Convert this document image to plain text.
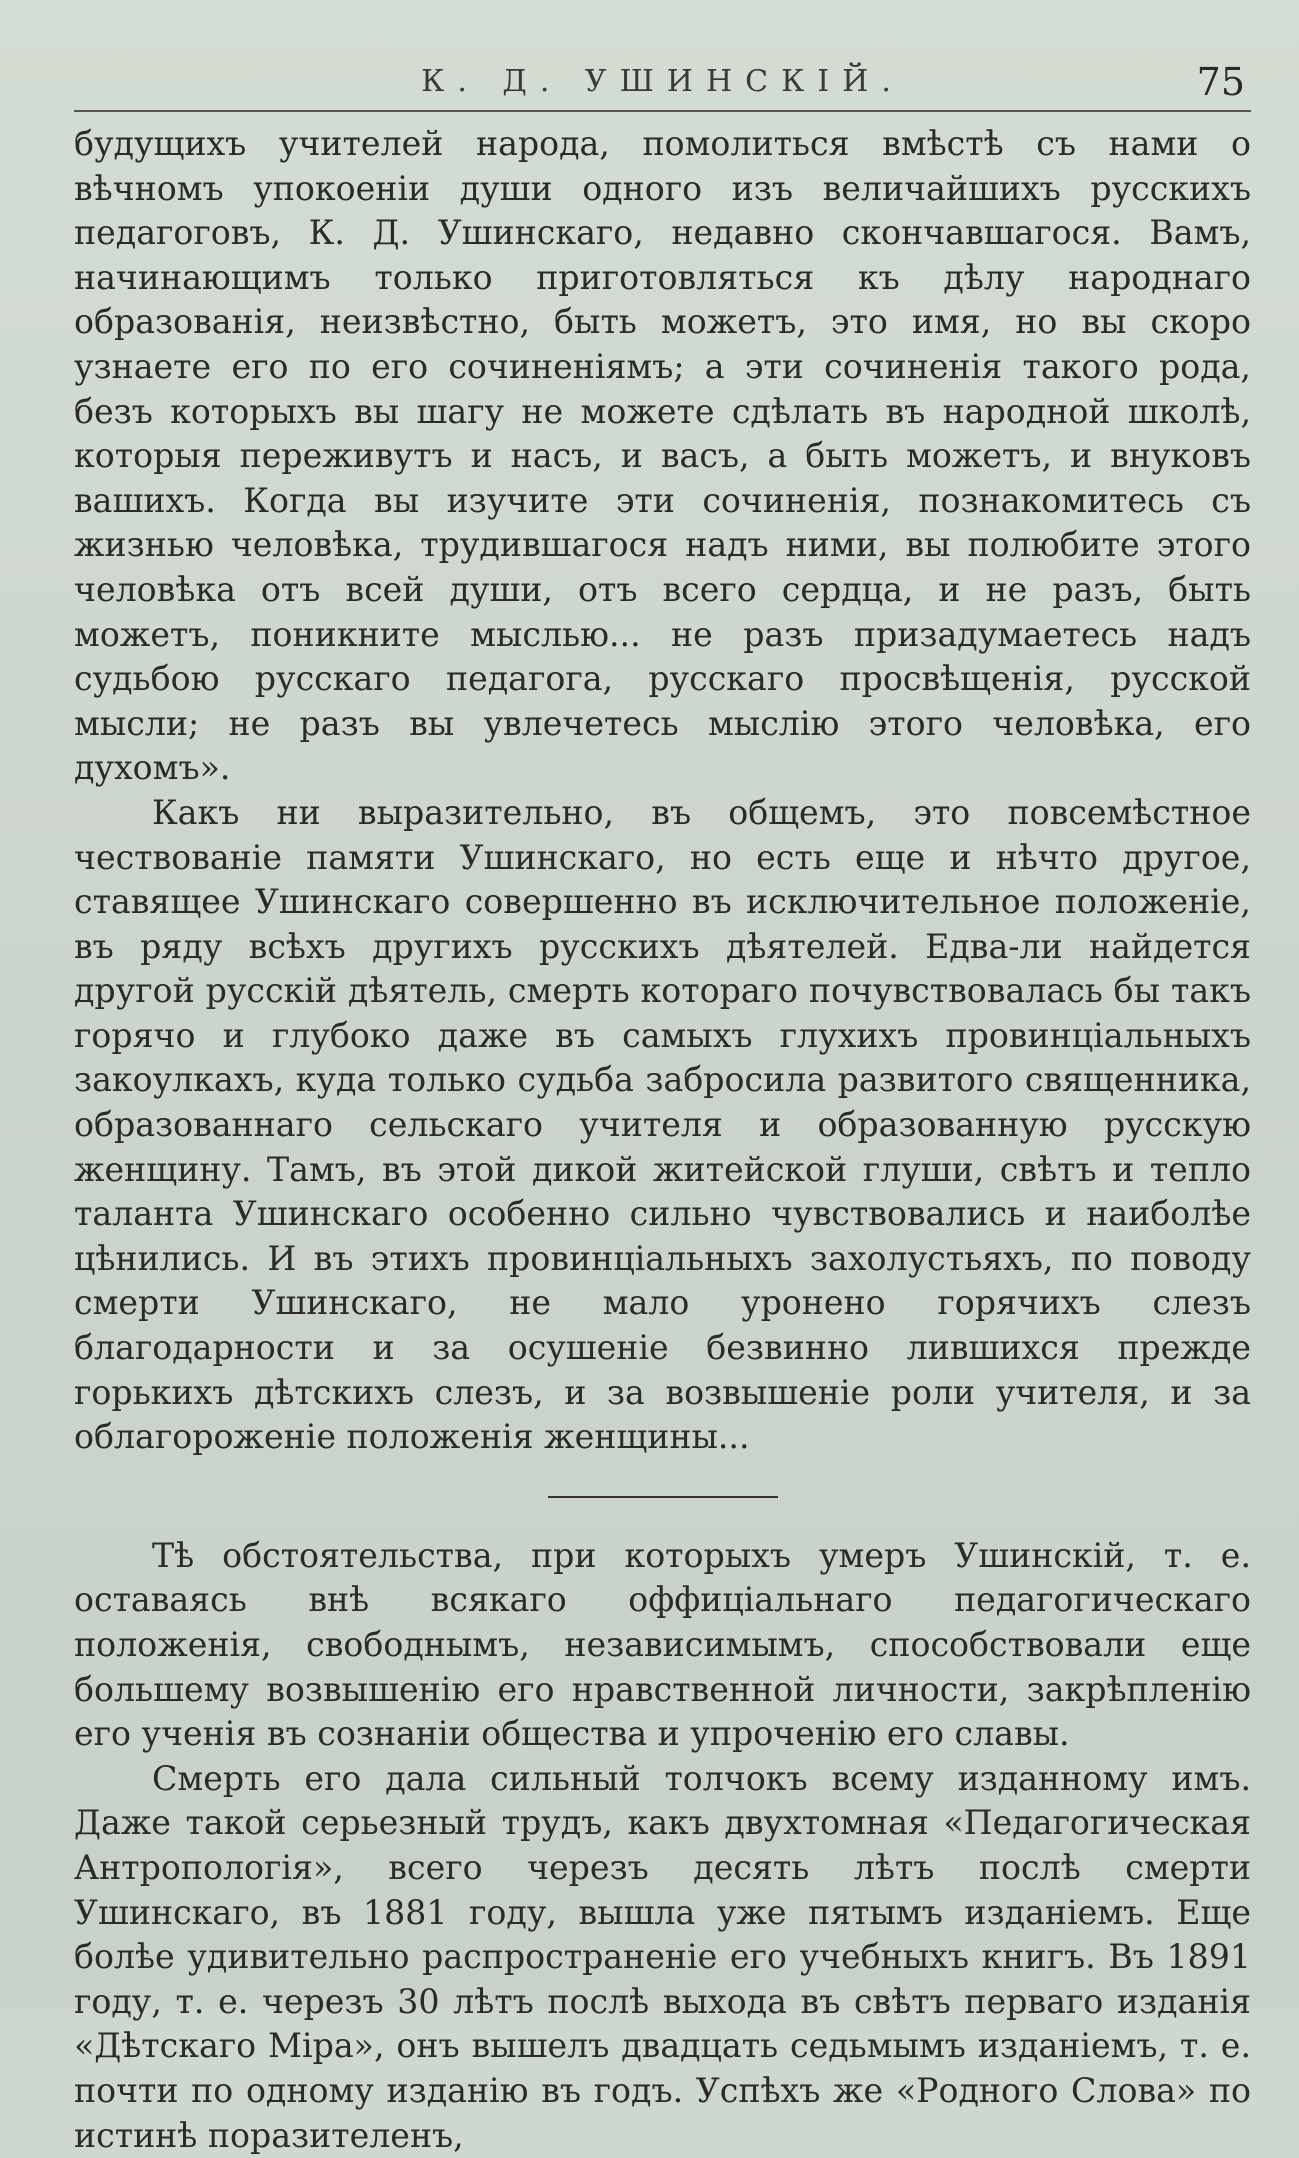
К. Д. УШИНСКІЙ.	75

будущихъ учителей народа, помолиться вмѣстѣ съ нами о вѣчномъ упокоеніи души одного изъ величайшихъ русскихъ педагоговъ, К. Д. Ушинскаго, недавно скончавшагося. Вамъ, начинающимъ только приготовляться къ дѣлу народнаго образованія, неизвѣстно, быть можетъ, это имя, но вы скоро узнаете его по его сочиненіямъ; а эти сочиненія такого рода, безъ которыхъ вы шагу не можете сдѣлать въ народной школѣ, которыя переживутъ и насъ, и васъ, а быть можетъ, и внуковъ вашихъ. Когда вы изучите эти сочиненія, познакомитесь съ жизнью человѣка, трудившагося надъ ними, вы полюбите этого человѣка отъ всей души, отъ всего сердца, и не разъ, быть можетъ, поникните мыслью... не разъ призадумаетесь надъ судьбою русскаго педагога, русскаго просвѣщенія, русской мысли; не разъ вы увлечетесь мыслію этого человѣка, его духомъ».

Какъ ни выразительно, въ общемъ, это повсемѣстное чествованіе памяти Ушинскаго, но есть еще и нѣчто другое, ставящее Ушинскаго совершенно въ исключительное положеніе, въ ряду всѣхъ другихъ русскихъ дѣятелей. Едва-ли найдется другой русскій дѣятель, смерть котораго почувствовалась бы такъ горячо и глубоко даже въ самыхъ глухихъ провинціальныхъ закоулкахъ, куда только судьба забросила развитого священника, образованнаго сельскаго учителя и образованную русскую женщину. Тамъ, въ этой дикой житейской глуши, свѣтъ и тепло таланта Ушинскаго особенно сильно чувствовались и наиболѣе цѣнились. И въ этихъ провинціальныхъ захолустьяхъ, по поводу смерти Ушинскаго, не мало уронено горячихъ слезъ благодарности и за осушеніе безвинно лившихся прежде горькихъ дѣтскихъ слезъ, и за возвышеніе роли учителя, и за облагороженіе положенія женщины...

Тѣ обстоятельства, при которыхъ умеръ Ушинскій, т. е. оставаясь внѣ всякаго оффиціальнаго педагогическаго положенія, свободнымъ, независимымъ, способствовали еще большему возвышенію его нравственной личности, закрѣпленію его ученія въ сознаніи общества и упроченію его славы.

Смерть его дала сильный толчокъ всему изданному имъ. Даже такой серьезный трудъ, какъ двухтомная «Педагогическая Антропологія», всего черезъ десять лѣтъ послѣ смерти Ушинскаго, въ 1881 году, вышла уже пятымъ изданіемъ. Еще болѣе удивительно распространеніе его учебныхъ книгъ. Въ 1891 году, т. е. черезъ 30 лѣтъ послѣ выхода въ свѣтъ перваго изданія «Дѣтскаго Міра», онъ вышелъ двадцать седьмымъ изданіемъ, т. е. почти по одному изданію въ годъ. Успѣхъ же «Родного Слова» по истинѣ поразителенъ,
